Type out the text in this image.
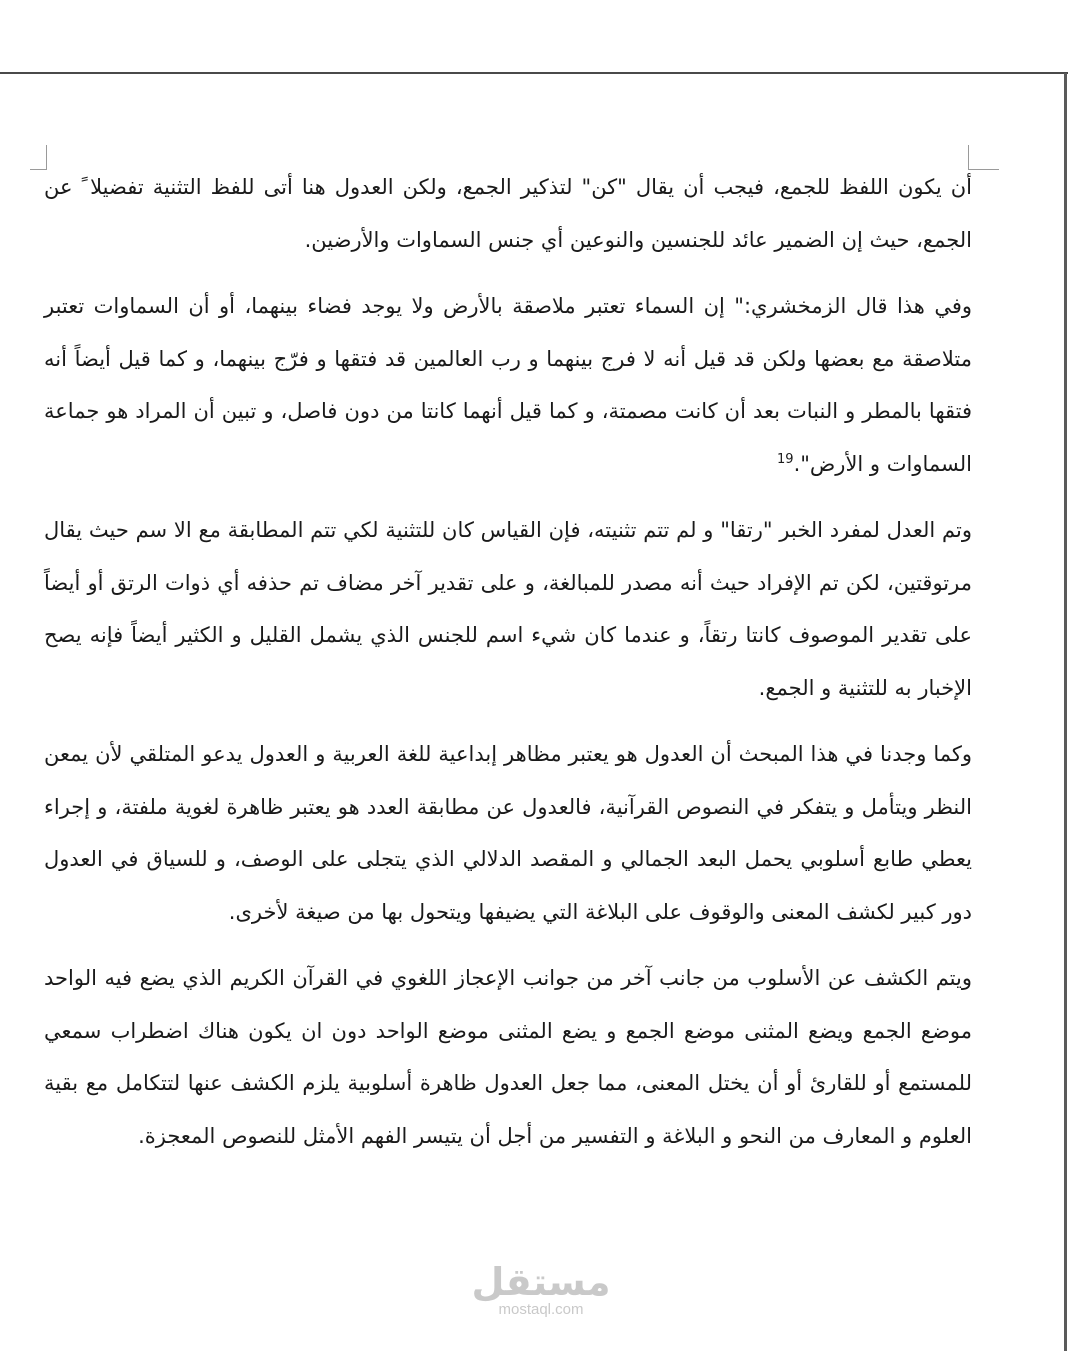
أن يكون اللفظ للجمع، فيجب أن يقال "كن" لتذكير الجمع، ولكن العدول هنا أتى للفظ التثنية تفضيلا ً عن الجمع، حيث إن الضمير عائد للجنسين والنوعين أي جنس السماوات والأرضين.

وفي هذا قال الزمخشري:" إن السماء تعتبر ملاصقة بالأرض ولا يوجد فضاء بينهما، أو أن السماوات تعتبر متلاصقة مع بعضها ولكن قد قيل أنه لا فرج بينهما و رب العالمين قد فتقها و فرّج بينهما، و كما قيل أيضاً أنه فتقها بالمطر و النبات بعد أن كانت مصمتة، و كما قيل أنهما كانتا من دون فاصل، و تبين أن المراد هو جماعة السماوات و الأرض".$^{19}$

وتم العدل لمفرد الخبر "رتقا" و لم تتم تثنيته، فإن القياس كان للتثنية لكي تتم المطابقة مع الا سم حيث يقال مرتوقتين، لكن تم الإفراد حيث أنه مصدر للمبالغة، و على تقدير آخر مضاف تم حذفه أي ذوات الرتق أو أيضاً على تقدير الموصوف كانتا رتقاً، و عندما كان شيء اسم للجنس الذي يشمل القليل و الكثير أيضاً فإنه يصح الإخبار به للتثنية و الجمع.

وكما وجدنا في هذا المبحث أن العدول هو يعتبر مظاهر إبداعية للغة العربية و العدول يدعو المتلقي لأن يمعن النظر ويتأمل و يتفكر في النصوص القرآنية، فالعدول عن مطابقة العدد هو يعتبر ظاهرة لغوية ملفتة، و إجراء يعطي طابع أسلوبي يحمل البعد الجمالي و المقصد الدلالي الذي يتجلى على الوصف، و للسياق في العدول دور كبير لكشف المعنى والوقوف على البلاغة التي يضيفها ويتحول بها من صيغة لأخرى.

ويتم الكشف عن الأسلوب من جانب آخر من جوانب الإعجاز اللغوي في القرآن الكريم الذي يضع فيه الواحد موضع الجمع ويضع المثنى موضع الجمع و يضع المثنى موضع الواحد دون ان يكون هناك اضطراب سمعي للمستمع أو للقارئ أو أن يختل المعنى، مما جعل العدول ظاهرة أسلوبية يلزم الكشف عنها لتتكامل مع بقية العلوم و المعارف من النحو و البلاغة و التفسير من أجل أن يتيسر الفهم الأمثل للنصوص المعجزة.

مستقل
mostaql.com
